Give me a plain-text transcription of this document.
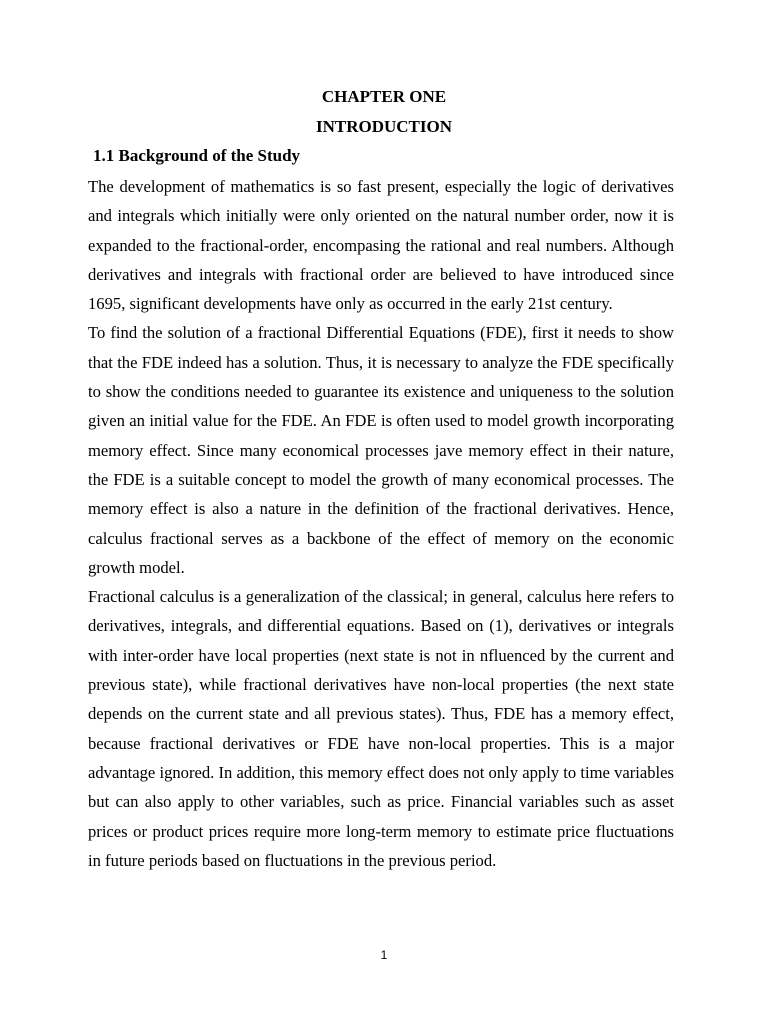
CHAPTER ONE
INTRODUCTION
1.1 Background of the Study

The development of mathematics is so fast present, especially the logic of derivatives and integrals which initially were only oriented on the natural number order, now it is expanded to the fractional-order, encompasing the rational and real numbers. Although derivatives and integrals with fractional order are believed to have introduced since 1695, significant developments have only as occurred in the early 21st century.

To find the solution of a fractional Differential Equations (FDE), first it needs to show that the FDE indeed has a solution. Thus, it is necessary to analyze the FDE specifically to show the conditions needed to guarantee its existence and uniqueness to the solution given an initial value for the FDE. An FDE is often used to model growth incorporating memory effect. Since many economical processes jave memory effect in their nature, the FDE is a suitable concept to model the growth of many economical processes. The memory effect is also a nature in the definition of the fractional derivatives. Hence, calculus fractional serves as a backbone of the effect of memory on the economic growth model.

Fractional calculus is a generalization of the classical; in general, calculus here refers to derivatives, integrals, and differential equations. Based on (1), derivatives or integrals with inter-order have local properties (next state is not in nfluenced by the current and previous state), while fractional derivatives have non-local properties (the next state depends on the current state and all previous states). Thus, FDE has a memory effect, because fractional derivatives or FDE have non-local properties. This is a major advantage ignored. In addition, this memory effect does not only apply to time variables but can also apply to other variables, such as price. Financial variables such as asset prices or product prices require more long-term memory to estimate price fluctuations in future periods based on fluctuations in the previous period.

1
